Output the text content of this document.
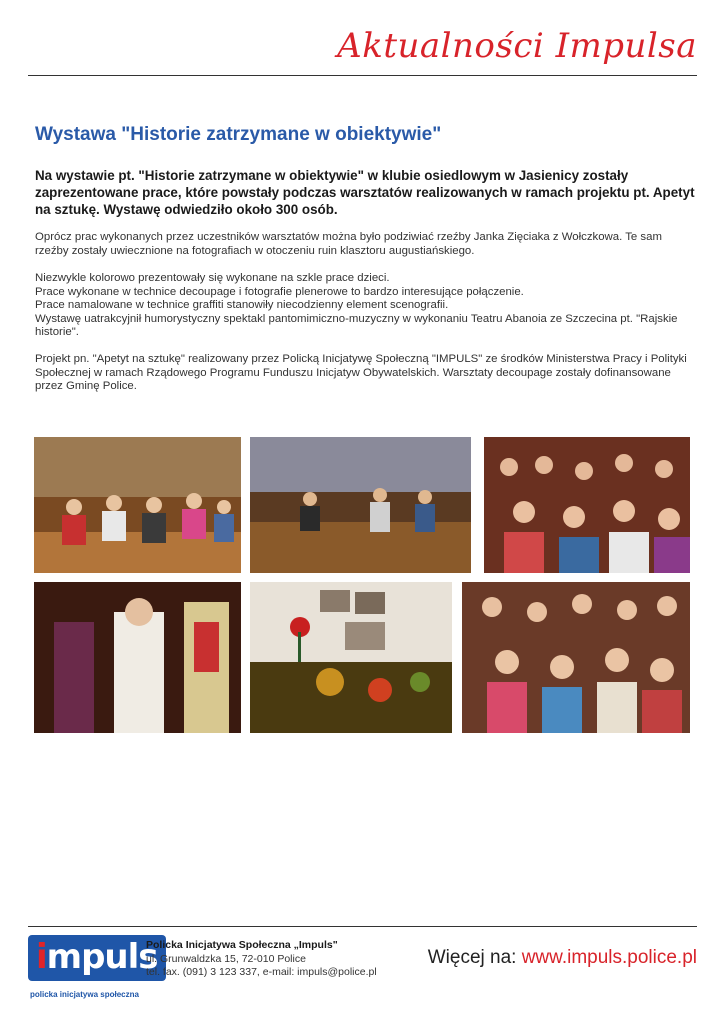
Aktualności Impulsa
Wystawa "Historie zatrzymane w obiektywie"

Na wystawie pt. "Historie zatrzymane w obiektywie" w klubie osiedlowym w Jasienicy zostały zaprezentowane prace, które powstały podczas warsztatów realizowanych w ramach projektu pt. Apetyt na sztukę. Wystawę odwiedziło około 300 osób.

Oprócz prac wykonanych przez uczestników warsztatów można było podziwiać rzeźby Janka Zięciaka z Wołczkowa. Te sam rzeźby zostały uwiecznione na fotografiach w otoczeniu ruin klasztoru augustiańskiego.

Niezwykle kolorowo prezentowały się wykonane na szkle prace dzieci.
Prace wykonane w technice decoupage i fotografie plenerowe to bardzo interesujące połączenie.
Prace namalowane w technice graffiti stanowiły niecodzienny element scenografii.
Wystawę uatrakcyjnił humorystyczny spektakl pantomimiczno-muzyczny w wykonaniu Teatru Abanoia ze Szczecina pt. "Rajskie historie".

Projekt pn. "Apetyt na sztukę" realizowany przez Policką Inicjatywę Społeczną "IMPULS" ze środków Ministerstwa Pracy i Polityki Społecznej w ramach Rządowego Programu Funduszu Inicjatyw Obywatelskich. Warsztaty decoupage zostały dofinansowane przez Gminę Police.

impuls
policka inicjatywa społeczna
Policka Inicjatywa Społeczna „Impuls"
ul. Grunwaldzka 15, 72-010 Police
tel. fax. (091) 3 123 337, e-mail: impuls@police.pl
Więcej na: www.impuls.police.pl
